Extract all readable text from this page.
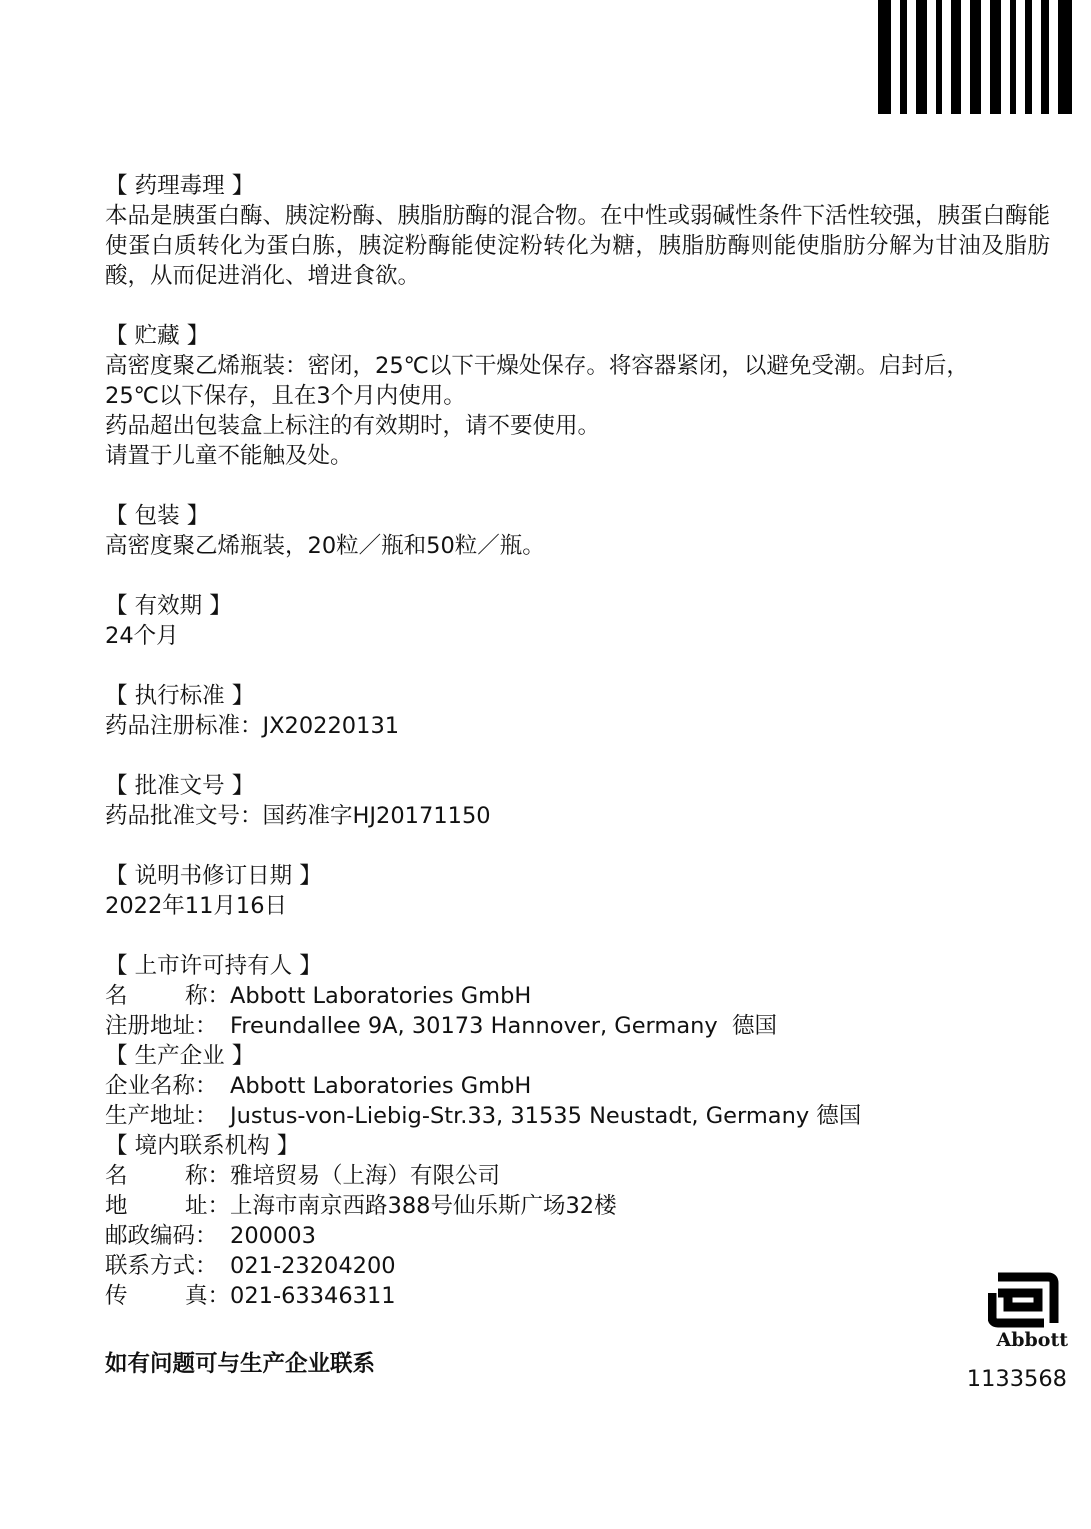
【 药理毒理 】
本品是胰蛋白酶、胰淀粉酶、胰脂肪酶的混合物。在中性或弱碱性条件下活性较强，胰蛋白酶能使蛋白质转化为蛋白胨，胰淀粉酶能使淀粉转化为糖，胰脂肪酶则能使脂肪分解为甘油及脂肪酸，从而促进消化、增进食欲。
【 贮藏 】
高密度聚乙烯瓶装：密闭，25℃以下干燥处保存。将容器紧闭，以避免受潮。启封后，
25℃以下保存，且在3个月内使用。
药品超出包装盒上标注的有效期时，请不要使用。
请置于儿童不能触及处。
【 包装 】
高密度聚乙烯瓶装，20粒／瓶和50粒／瓶。
【 有效期 】
24个月
【 执行标准 】
药品注册标准：JX20220131
【 批准文号 】
药品批准文号：国药准字HJ20171150
【 说明书修订日期 】
2022年11月16日
【 上市许可持有人 】
名	称： Abbott Laboratories GmbH
注册地址： Freundallee 9A, 30173 Hannover, Germany  德国
【 生产企业 】
企业名称： Abbott Laboratories GmbH
生产地址： Justus-von-Liebig-Str.33, 31535 Neustadt, Germany 德国
【 境内联系机构 】
名	称： 雅培贸易（上海）有限公司
地	址： 上海市南京西路388号仙乐斯广场32楼
邮政编码： 200003
联系方式： 021-23204200
传	真： 021-63346311
如有问题可与生产企业联系
Abbott
1133568
